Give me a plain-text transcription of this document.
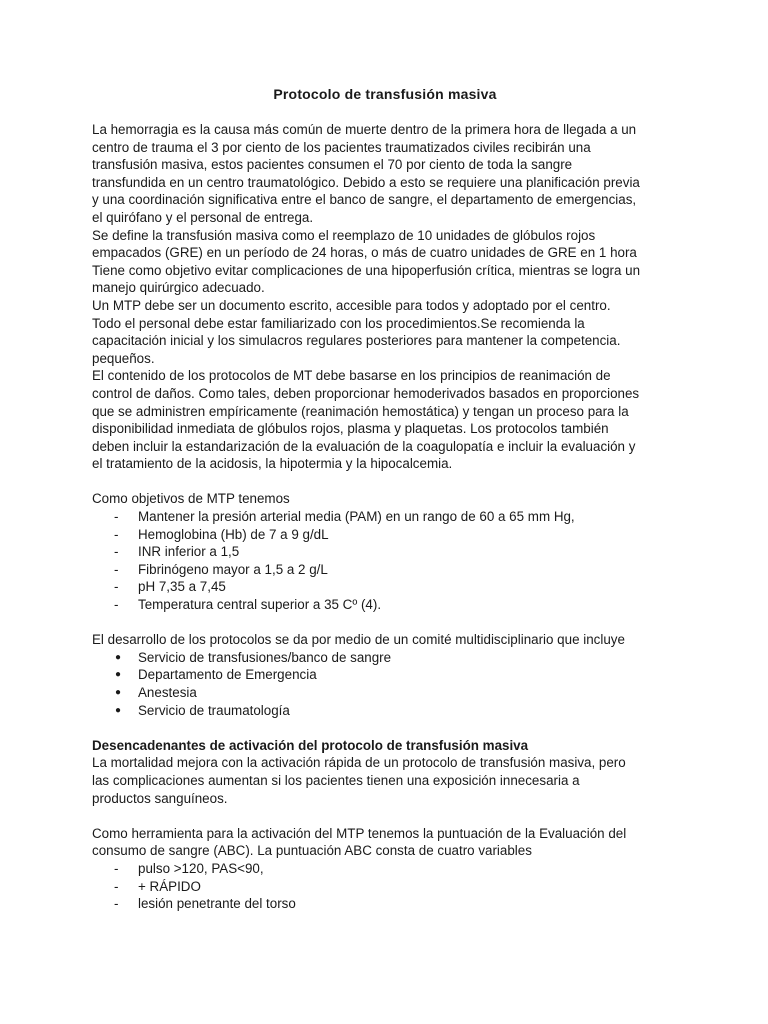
Protocolo de transfusión masiva

La hemorragia es la causa más común de muerte dentro de la primera hora de llegada a un
centro de trauma el 3 por ciento de los pacientes traumatizados civiles recibirán una
transfusión masiva, estos pacientes consumen el 70 por ciento de toda la sangre
transfundida en un centro traumatológico. Debido a esto se requiere una planificación previa
y una coordinación significativa entre el banco de sangre, el departamento de emergencias,
el quirófano y el personal de entrega.
Se define la transfusión masiva como el reemplazo de 10 unidades de glóbulos rojos
empacados (GRE) en un período de 24 horas, o más de cuatro unidades de GRE en 1 hora
Tiene como objetivo evitar complicaciones de una hipoperfusión crítica, mientras se logra un
manejo quirúrgico adecuado.
Un MTP debe ser un documento escrito, accesible para todos y adoptado por el centro.
Todo el personal debe estar familiarizado con los procedimientos.Se recomienda la
capacitación inicial y los simulacros regulares posteriores para mantener la competencia.
pequeños.
El contenido de los protocolos de MT debe basarse en los principios de reanimación de
control de daños. Como tales, deben proporcionar hemoderivados basados en proporciones
que se administren empíricamente (reanimación hemostática) y tengan un proceso para la
disponibilidad inmediata de glóbulos rojos, plasma y plaquetas. Los protocolos también
deben incluir la estandarización de la evaluación de la coagulopatía e incluir la evaluación y
el tratamiento de la acidosis, la hipotermia y la hipocalcemia.

Como objetivos de MTP tenemos

- Mantener la presión arterial media (PAM) en un rango de 60 a 65 mm Hg,
- Hemoglobina (Hb) de 7 a 9 g/dL
- INR inferior a 1,5
- Fibrinógeno mayor a 1,5 a 2 g/L
- pH 7,35 a 7,45
- Temperatura central superior a 35 Cº (4).

El desarrollo de los protocolos se da por medio de un comité multidisciplinario que incluye

● Servicio de transfusiones/banco de sangre
● Departamento de Emergencia
● Anestesia
● Servicio de traumatología

Desencadenantes de activación del protocolo de transfusión masiva

La mortalidad mejora con la activación rápida de un protocolo de transfusión masiva, pero
las complicaciones aumentan si los pacientes tienen una exposición innecesaria a
productos sanguíneos.

Como herramienta para la activación del MTP tenemos la puntuación de la Evaluación del
consumo de sangre (ABC). La puntuación ABC consta de cuatro variables

- pulso >120, PAS<90,
- + RÁPIDO
- lesión penetrante del torso
